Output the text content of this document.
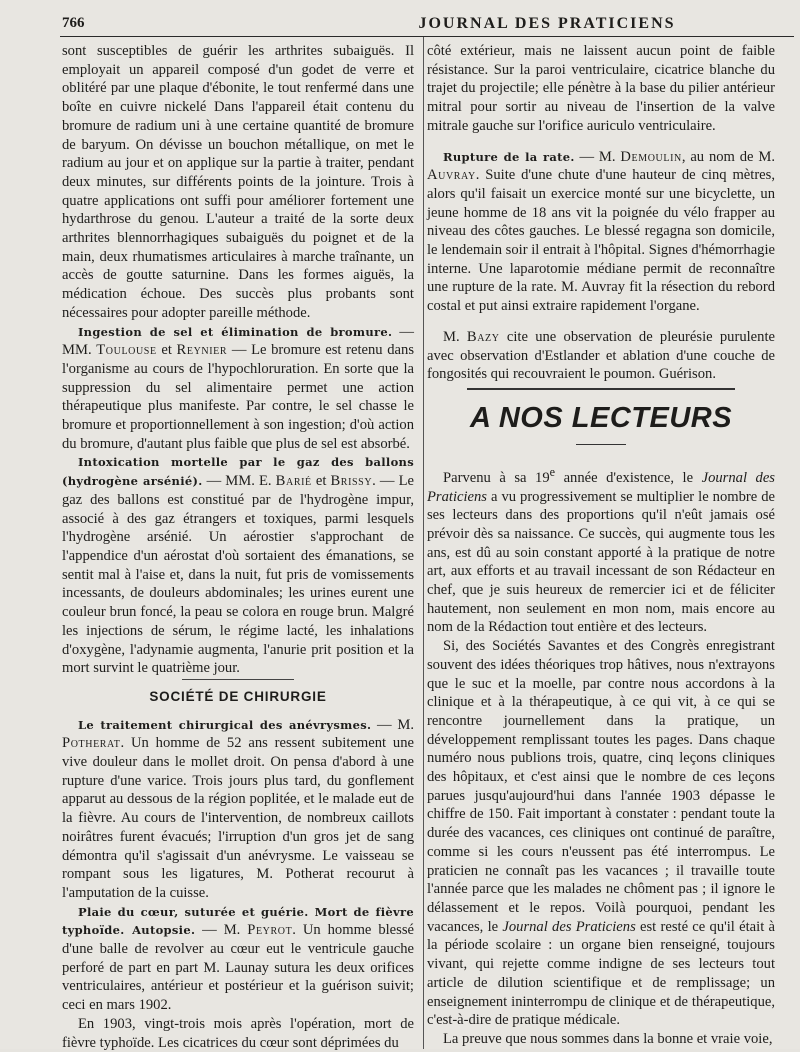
766	JOURNAL DES PRATICIENS

sont susceptibles de guérir les arthrites subaiguës. Il employait un appareil composé d'un godet de verre et oblitéré par une plaque d'ébonite, le tout renfermé dans une boîte en cuivre nickelé Dans l'appareil était contenu du bromure de radium uni à une certaine quantité de bromure de baryum. On dévisse un bouchon métallique, on met le radium au jour et on applique sur la partie à traiter, pendant deux minutes, sur différents points de la jointure. Trois à quatre applications ont suffi pour améliorer fortement une hydarthrose du genou. L'auteur a traité de la sorte deux arthrites blennorrhagiques subaiguës du poignet et de la main, deux rhumatismes articulaires à marche traînante, un accès de goutte saturnine. Dans les formes aiguës, la médication échoue. Des succès plus probants sont nécessaires pour adopter pareille méthode.

Ingestion de sel et élimination de bromure. — MM. Toulouse et Reynier — Le bromure est retenu dans l'organisme au cours de l'hypochloruration. En sorte que la suppression du sel alimentaire permet une action thérapeutique plus manifeste. Par contre, le sel chasse le bromure et proportionnellement à son ingestion; d'où action du bromure, d'autant plus faible que plus de sel est absorbé.

Intoxication mortelle par le gaz des ballons (hydrogène arsénié). — MM. E. Barié et Brissy. — Le gaz des ballons est constitué par de l'hydrogène impur, associé à des gaz étrangers et toxiques, parmi lesquels l'hydrogène arsénié. Un aérostier s'approchant de l'appendice d'un aérostat d'où sortaient des émanations, se sentit mal à l'aise et, dans la nuit, fut pris de vomissements incessants, de douleurs abdominales; les urines eurent une couleur brun foncé, la peau se colora en rouge brun. Malgré les injections de sérum, le régime lacté, les inhalations d'oxygène, l'adynamie augmenta, l'anurie prit position et la mort survint le quatrième jour.

SOCIÉTÉ DE CHIRURGIE

Le traitement chirurgical des anévrysmes. — M. Potherat. Un homme de 52 ans ressent subitement une vive douleur dans le mollet droit. On pensa d'abord à une rupture d'une varice. Trois jours plus tard, du gonflement apparut au dessous de la région poplitée, et le malade eut de la fièvre. Au cours de l'intervention, de nombreux caillots noirâtres furent évacués; l'irruption d'un gros jet de sang démontra qu'il s'agissait d'un anévrysme. Le vaisseau se rompant sous les ligatures, M. Potherat recourut à l'amputation de la cuisse.

Plaie du cœur, suturée et guérie. Mort de fièvre typhoïde. Autopsie. — M. Peyrot. Un homme blessé d'une balle de revolver au cœur eut le ventricule gauche perforé de part en part M. Launay sutura les deux orifices ventriculaires, antérieur et postérieur et la guérison suivit; ceci en mars 1902.

En 1903, vingt-trois mois après l'opération, mort de fièvre typhoïde. Les cicatrices du cœur sont déprimées du

côté extérieur, mais ne laissent aucun point de faible résistance. Sur la paroi ventriculaire, cicatrice blanche du trajet du projectile; elle pénètre à la base du pilier antérieur mitral pour sortir au niveau de l'insertion de la valve mitrale gauche sur l'orifice auriculo ventriculaire.

Rupture de la rate. — M. Demoulin, au nom de M. Auvray. Suite d'une chute d'une hauteur de cinq mètres, alors qu'il faisait un exercice monté sur une bicyclette, un jeune homme de 18 ans vit la poignée du vélo frapper au niveau des côtes gauches. Le blessé regagna son domicile, le lendemain soir il entrait à l'hôpital. Signes d'hémorrhagie interne. Une laparotomie médiane permit de reconnaître une rupture de la rate. M. Auvray fit la résection du rebord costal et put ainsi extraire rapidement l'organe.

M. Bazy cite une observation de pleurésie purulente avec observation d'Estlander et ablation d'une couche de fongosités qui recouvraient le poumon. Guérison.

A NOS LECTEURS

Parvenu à sa 19e année d'existence, le Journal des Praticiens a vu progressivement se multiplier le nombre de ses lecteurs dans des proportions qu'il n'eût jamais osé prévoir dès sa naissance. Ce succès, qui augmente tous les ans, est dû au soin constant apporté à la pratique de notre art, aux efforts et au travail incessant de son Rédacteur en chef, que je suis heureux de remercier ici et de féliciter hautement, non seulement en mon nom, mais encore au nom de la Rédaction tout entière et des lecteurs.

Si, des Sociétés Savantes et des Congrès enregistrant souvent des idées théoriques trop hâtives, nous n'extrayons que le suc et la moelle, par contre nous accordons à la clinique et à la thérapeutique, à ce qui vit, à ce qui se rencontre journellement dans la pratique, un développement remplissant toutes les pages. Dans chaque numéro nous publions trois, quatre, cinq leçons cliniques des hôpitaux, et c'est ainsi que le nombre de ces leçons parues jusqu'aujourd'hui dans l'année 1903 dépasse le chiffre de 150. Fait important à constater : pendant toute la durée des vacances, ces cliniques ont continué de paraître, comme si les cours n'eussent pas été interrompus. Le praticien ne connaît pas les vacances ; il travaille toute l'année parce que les malades ne chôment pas ; il ignore le délassement et le repos. Voilà pourquoi, pendant les vacances, le Journal des Praticiens est resté ce qu'il était à la période scolaire : un organe bien renseigné, toujours vivant, qui rejette comme indigne de ses lecteurs tout article de dilution scientifique et de remplissage; un enseignement ininterrompu de clinique et de thérapeutique, c'est-à-dire de pratique médicale.

La preuve que nous sommes dans la bonne et vraie voie,
